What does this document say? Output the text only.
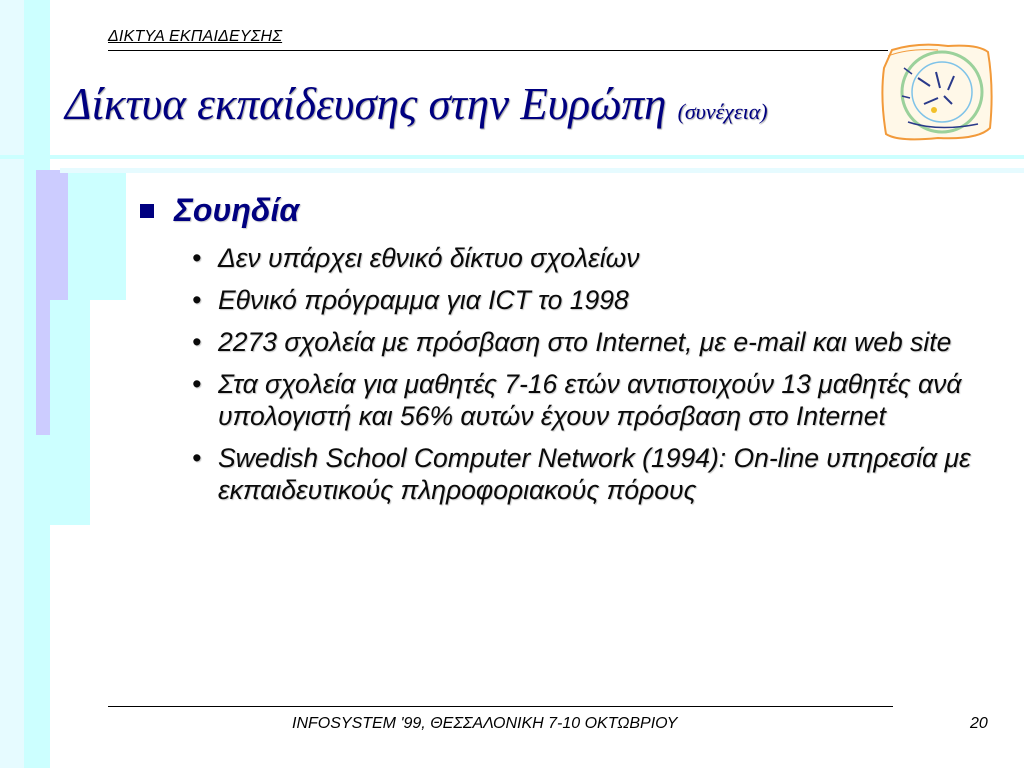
ΔΙΚΤΥΑ ΕΚΠΑΙΔΕΥΣΗΣ
Δίκτυα εκπαίδευσης στην Ευρώπη (συνέχεια)
Σουηδία
• Δεν υπάρχει εθνικό δίκτυο σχολείων
• Εθνικό πρόγραμμα για ICT το 1998
• 2273 σχολεία με πρόσβαση στο Internet, με e-mail και web site
• Στα σχολεία για μαθητές 7-16 ετών αντιστοιχούν 13 μαθητές ανά υπολογιστή και 56% αυτών έχουν πρόσβαση στο Internet
• Swedish School Computer Network (1994): On-line υπηρεσία με εκπαιδευτικούς πληροφοριακούς πόρους
INFOSYSTEM '99, ΘΕΣΣΑΛΟΝΙΚΗ 7-10 ΟΚΤΩΒΡΙΟΥ	20
